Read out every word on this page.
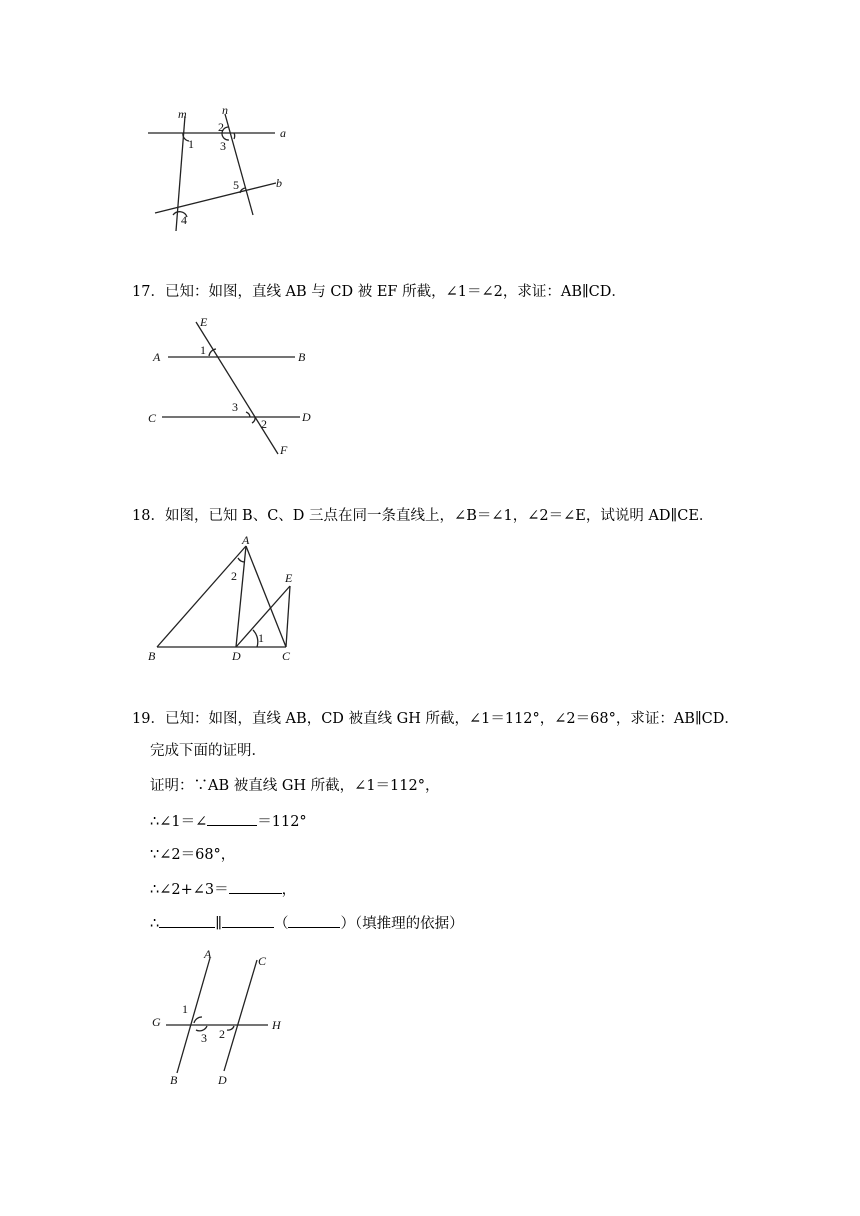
m	n
a
b
1
2
3
4
5
17．已知：如图，直线 AB 与 CD 被 EF 所截，∠1＝∠2，求证：AB∥CD．
E
A	B
1
C
3
D
2
F
18．如图，已知 B、C、D 三点在同一条直线上，∠B＝∠1，∠2＝∠E，试说明 AD∥CE．
A
2	E
1
B	D	C
19．已知：如图，直线 AB，CD 被直线 GH 所截，∠1＝112°，∠2＝68°，求证：AB∥CD．
完成下面的证明．
证明：∵AB 被直线 GH 所截，∠1＝112°，
∴∠1＝∠	＝112°
∵∠2＝68°，
∴∠2+∠3＝	，
∴	∥	（	）（填推理的依据）
A	C
1
G	H
3 2
B	D
